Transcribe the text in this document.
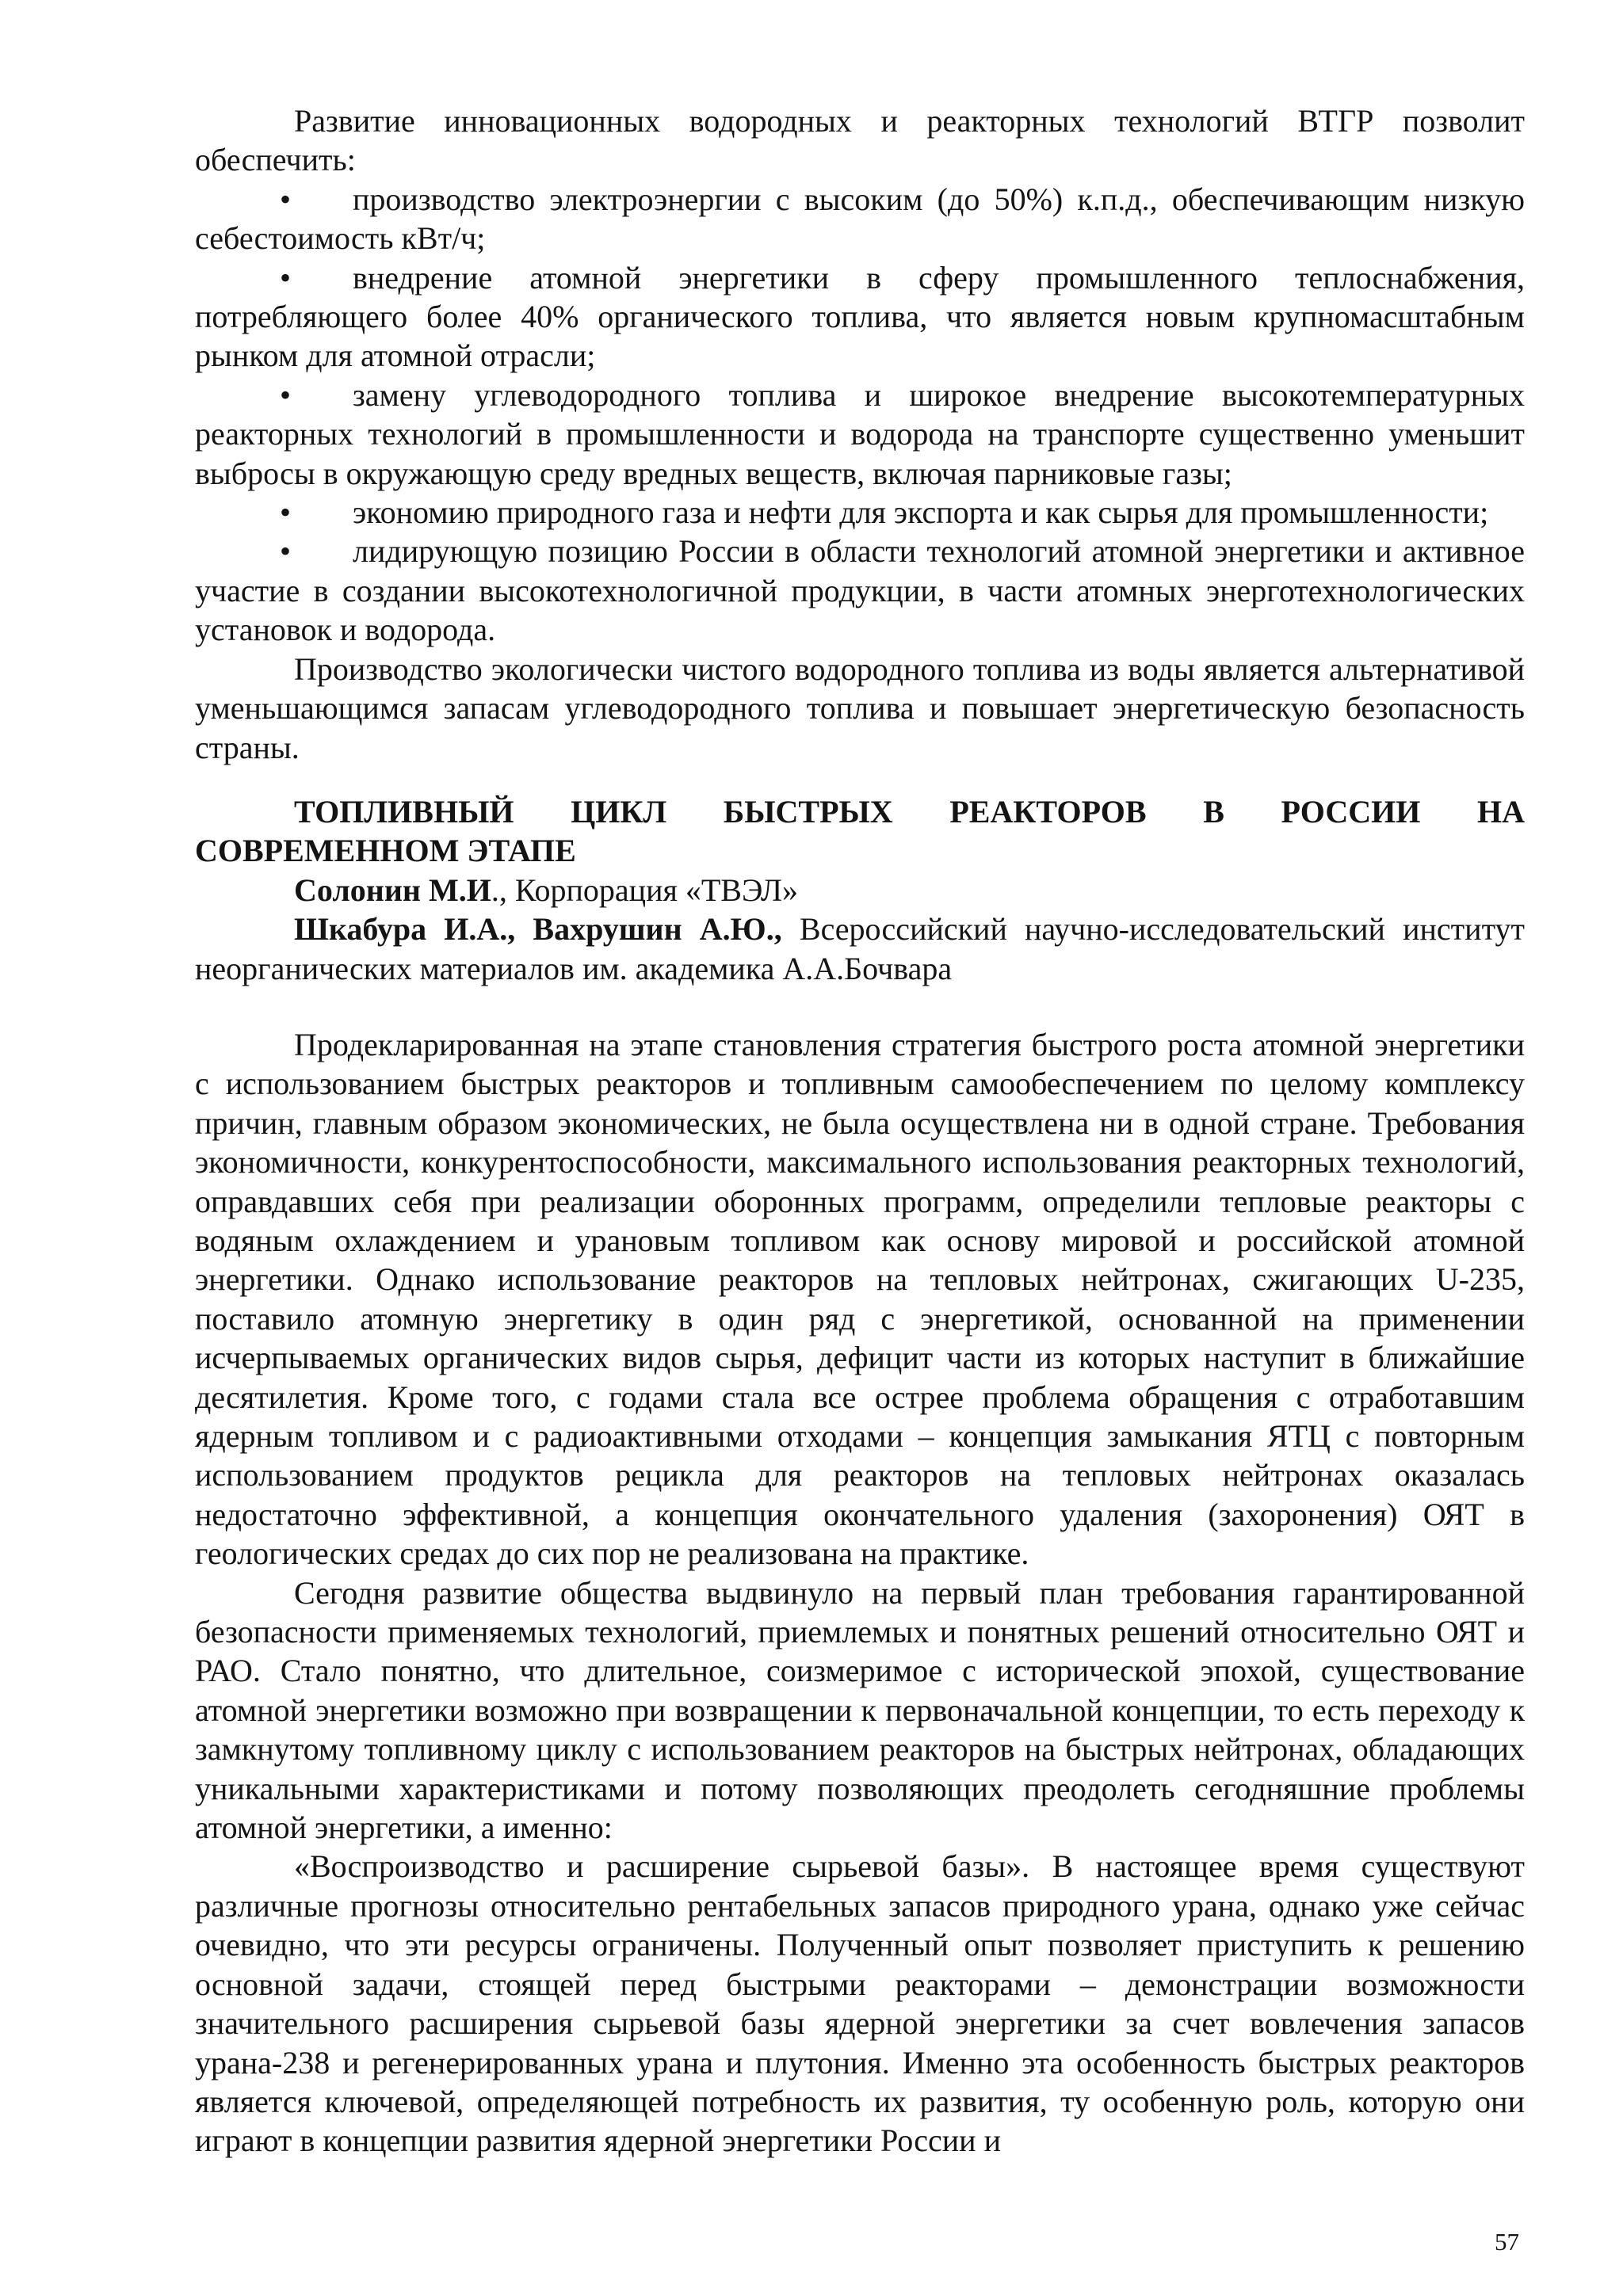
Развитие инновационных водородных и реакторных технологий ВТГР позволит обеспечить:

• производство электроэнергии с высоким (до 50%) к.п.д., обеспечивающим низкую себестоимость кВт/ч;

• внедрение атомной энергетики в сферу промышленного теплоснабжения, потребляющего более 40% органического топлива, что является новым крупномасштабным рынком для атомной отрасли;

• замену углеводородного топлива и широкое внедрение высокотемпературных реакторных технологий в промышленности и водорода на транспорте существенно уменьшит выбросы в окружающую среду вредных веществ, включая парниковые газы;

• экономию природного газа и нефти для экспорта и как сырья для промышленности;

• лидирующую позицию России в области технологий атомной энергетики и активное участие в создании высокотехнологичной продукции, в части атомных энерготехнологических установок и водорода.

Производство экологически чистого водородного топлива из воды является альтернативой уменьшающимся запасам углеводородного топлива и повышает энергетическую безопасность страны.

ТОПЛИВНЫЙ ЦИКЛ БЫСТРЫХ РЕАКТОРОВ В РОССИИ НА
СОВРЕМЕННОМ ЭТАПЕ

Солонин М.И., Корпорация «ТВЭЛ»

Шкабура И.А., Вахрушин А.Ю., Всероссийский научно-исследовательский институт неорганических материалов им. академика А.А.Бочвара

Продекларированная на этапе становления стратегия быстрого роста атомной энергетики с использованием быстрых реакторов и топливным самообеспечением по целому комплексу причин, главным образом экономических, не была осуществлена ни в одной стране. Требования экономичности, конкурентоспособности, максимального использования реакторных технологий, оправдавших себя при реализации оборонных программ, определили тепловые реакторы с водяным охлаждением и урановым топливом как основу мировой и российской атомной энергетики. Однако использование реакторов на тепловых нейтронах, сжигающих U-235, поставило атомную энергетику в один ряд с энергетикой, основанной на применении исчерпываемых органических видов сырья, дефицит части из которых наступит в ближайшие десятилетия. Кроме того, с годами стала все острее проблема обращения с отработавшим ядерным топливом и с радиоактивными отходами – концепция замыкания ЯТЦ с повторным использованием продуктов рецикла для реакторов на тепловых нейтронах оказалась недостаточно эффективной, а концепция окончательного удаления (захоронения) ОЯТ в геологических средах до сих пор не реализована на практике.

Сегодня развитие общества выдвинуло на первый план требования гарантированной безопасности применяемых технологий, приемлемых и понятных решений относительно ОЯТ и РАО. Стало понятно, что длительное, соизмеримое с исторической эпохой, существование атомной энергетики возможно при возвращении к первоначальной концепции, то есть переходу к замкнутому топливному циклу с использованием реакторов на быстрых нейтронах, обладающих уникальными характеристиками и потому позволяющих преодолеть сегодняшние проблемы атомной энергетики, а именно:

«Воспроизводство и расширение сырьевой базы». В настоящее время существуют различные прогнозы относительно рентабельных запасов природного урана, однако уже сейчас очевидно, что эти ресурсы ограничены. Полученный опыт позволяет приступить к решению основной задачи, стоящей перед быстрыми реакторами – демонстрации возможности значительного расширения сырьевой базы ядерной энергетики за счет вовлечения запасов урана-238 и регенерированных урана и плутония. Именно эта особенность быстрых реакторов является ключевой, определяющей потребность их развития, ту особенную роль, которую они играют в концепции развития ядерной энергетики России и

57
